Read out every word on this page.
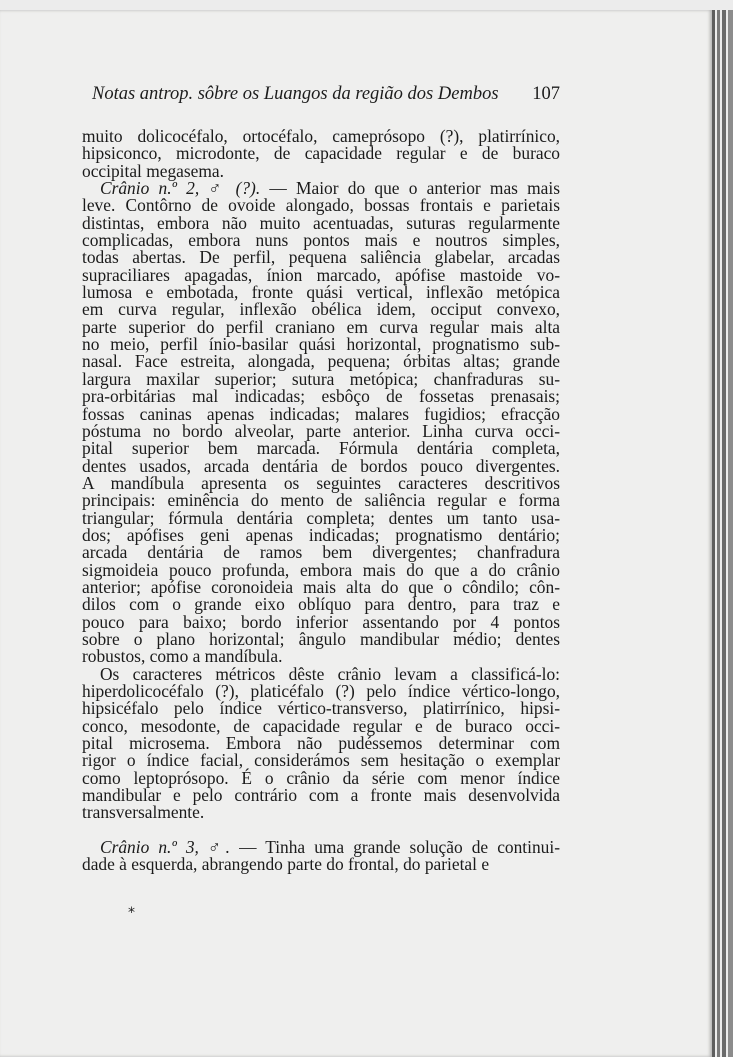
Notas antrop. sôbre os Luangos da região dos Dembos 107
muito dolicocéfalo, ortocéfalo, cameprósopo (?), platirrínico,
hipsiconco, microdonte, de capacidade regular e de buraco
occipital megasema.
Crânio n.º 2, ♂ (?). — Maior do que o anterior mas mais
leve. Contôrno de ovoide alongado, bossas frontais e parietais
distintas, embora não muito acentuadas, suturas regularmente
complicadas, embora nuns pontos mais e noutros simples,
todas abertas. De perfil, pequena saliência glabelar, arcadas
supraciliares apagadas, ínion marcado, apófise mastoide vo-
lumosa e embotada, fronte quási vertical, inflexão metópica
em curva regular, inflexão obélica idem, occiput convexo,
parte superior do perfil craniano em curva regular mais alta
no meio, perfil ínio-basilar quási horizontal, prognatismo sub-
nasal. Face estreita, alongada, pequena; órbitas altas; grande
largura maxilar superior; sutura metópica; chanfraduras su-
pra-orbitárias mal indicadas; esbôço de fossetas prenasais;
fossas caninas apenas indicadas; malares fugidios; efracção
póstuma no bordo alveolar, parte anterior. Linha curva occi-
pital superior bem marcada. Fórmula dentária completa,
dentes usados, arcada dentária de bordos pouco divergentes.
A mandíbula apresenta os seguintes caracteres descritivos
principais: eminência do mento de saliência regular e forma
triangular; fórmula dentária completa; dentes um tanto usa-
dos; apófises geni apenas indicadas; prognatismo dentário;
arcada dentária de ramos bem divergentes; chanfradura
sigmoideia pouco profunda, embora mais do que a do crânio
anterior; apófise coronoideia mais alta do que o côndilo; côn-
dilos com o grande eixo oblíquo para dentro, para traz e
pouco para baixo; bordo inferior assentando por 4 pontos
sobre o plano horizontal; ângulo mandibular médio; dentes
robustos, como a mandíbula.
Os caracteres métricos dêste crânio levam a classificá-lo:
hiperdolicocéfalo (?), platicéfalo (?) pelo índice vértico-longo,
hipsicéfalo pelo índice vértico-transverso, platirrínico, hipsi-
conco, mesodonte, de capacidade regular e de buraco occi-
pital microsema. Embora não pudéssemos determinar com
rigor o índice facial, considerámos sem hesitação o exemplar
como leptoprósopo. É o crânio da série com menor índice
mandibular e pelo contrário com a fronte mais desenvolvida
transversalmente.
Crânio n.º 3, ♂. — Tinha uma grande solução de continui-
dade à esquerda, abrangendo parte do frontal, do parietal e
*
